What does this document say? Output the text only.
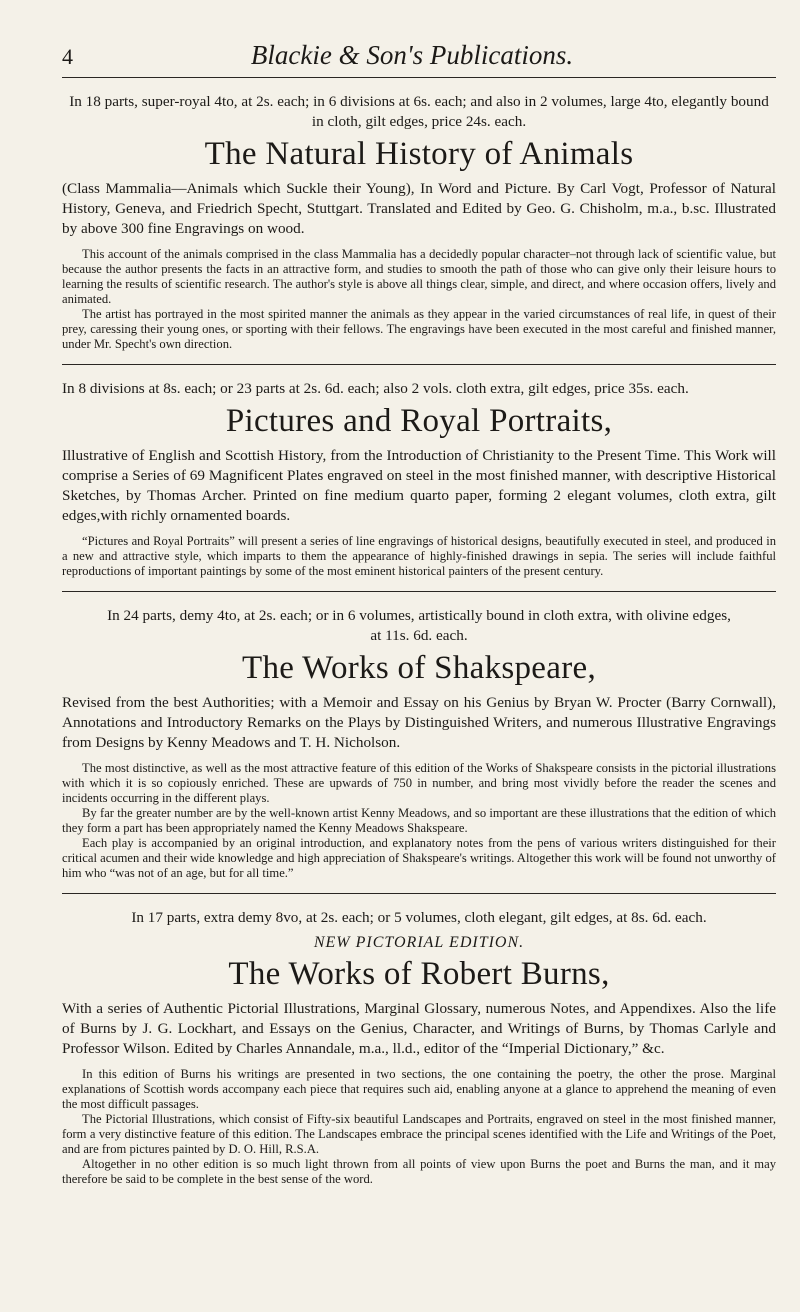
4	Blackie & Son's Publications.

In 18 parts, super-royal 4to, at 2s. each; in 6 divisions at 6s. each; and also in 2 volumes, large 4to, elegantly bound in cloth, gilt edges, price 24s. each.

The Natural History of Animals

(Class Mammalia—Animals which Suckle their Young), In Word and Picture. By Carl Vogt, Professor of Natural History, Geneva, and Friedrich Specht, Stuttgart. Translated and Edited by Geo. G. Chisholm, m.a., b.sc. Illustrated by above 300 fine Engravings on wood.

This account of the animals comprised in the class Mammalia has a decidedly popular character–not through lack of scientific value, but because the author presents the facts in an attractive form, and studies to smooth the path of those who can give only their leisure hours to learning the results of scientific research. The author's style is above all things clear, simple, and direct, and where occasion offers, lively and animated.

The artist has portrayed in the most spirited manner the animals as they appear in the varied circumstances of real life, in quest of their prey, caressing their young ones, or sporting with their fellows. The engravings have been executed in the most careful and finished manner, under Mr. Specht's own direction.

In 8 divisions at 8s. each; or 23 parts at 2s. 6d. each; also 2 vols. cloth extra, gilt edges, price 35s. each.

Pictures and Royal Portraits,

Illustrative of English and Scottish History, from the Introduction of Christianity to the Present Time. This Work will comprise a Series of 69 Magnificent Plates engraved on steel in the most finished manner, with descriptive Historical Sketches, by Thomas Archer. Printed on fine medium quarto paper, forming 2 elegant volumes, cloth extra, gilt edges,with richly ornamented boards.

“Pictures and Royal Portraits” will present a series of line engravings of historical designs, beautifully executed in steel, and produced in a new and attractive style, which imparts to them the appearance of highly-finished drawings in sepia. The series will include faithful reproductions of important paintings by some of the most eminent historical painters of the present century.

In 24 parts, demy 4to, at 2s. each; or in 6 volumes, artistically bound in cloth extra, with olivine edges, at 11s. 6d. each.

The Works of Shakspeare,

Revised from the best Authorities; with a Memoir and Essay on his Genius by Bryan W. Procter (Barry Cornwall), Annotations and Introductory Remarks on the Plays by Distinguished Writers, and numerous Illustrative Engravings from Designs by Kenny Meadows and T. H. Nicholson.

The most distinctive, as well as the most attractive feature of this edition of the Works of Shakspeare consists in the pictorial illustrations with which it is so copiously enriched. These are upwards of 750 in number, and bring most vividly before the reader the scenes and incidents occurring in the different plays.

By far the greater number are by the well-known artist Kenny Meadows, and so important are these illustrations that the edition of which they form a part has been appropriately named the Kenny Meadows Shakspeare.

Each play is accompanied by an original introduction, and explanatory notes from the pens of various writers distinguished for their critical acumen and their wide knowledge and high appreciation of Shakspeare's writings. Altogether this work will be found not unworthy of him who “was not of an age, but for all time.”

In 17 parts, extra demy 8vo, at 2s. each; or 5 volumes, cloth elegant, gilt edges, at 8s. 6d. each.

NEW PICTORIAL EDITION.

The Works of Robert Burns,

With a series of Authentic Pictorial Illustrations, Marginal Glossary, numerous Notes, and Appendixes. Also the life of Burns by J. G. Lockhart, and Essays on the Genius, Character, and Writings of Burns, by Thomas Carlyle and Professor Wilson. Edited by Charles Annandale, m.a., ll.d., editor of the “Imperial Dictionary,” &c.

In this edition of Burns his writings are presented in two sections, the one containing the poetry, the other the prose. Marginal explanations of Scottish words accompany each piece that requires such aid, enabling anyone at a glance to apprehend the meaning of even the most difficult passages.

The Pictorial Illustrations, which consist of Fifty-six beautiful Landscapes and Portraits, engraved on steel in the most finished manner, form a very distinctive feature of this edition. The Landscapes embrace the principal scenes identified with the Life and Writings of the Poet, and are from pictures painted by D. O. Hill, R.S.A.

Altogether in no other edition is so much light thrown from all points of view upon Burns the poet and Burns the man, and it may therefore be said to be complete in the best sense of the word.
